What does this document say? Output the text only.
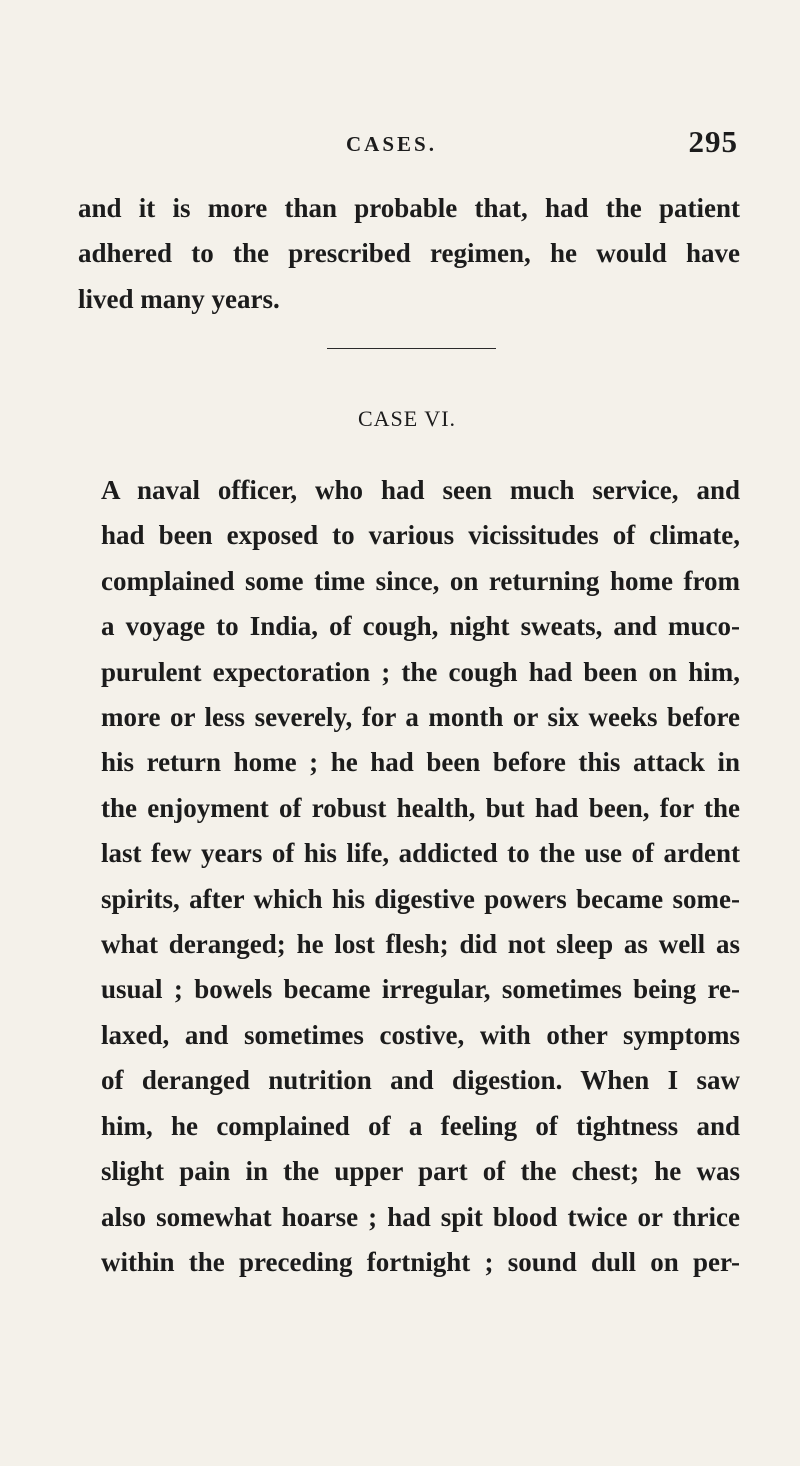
CASES.	295
and it is more than probable that, had the patient
adhered to the prescribed regimen, he would have
lived many years.
CASE VI.
A naval officer, who had seen much service, and
had been exposed to various vicissitudes of climate,
complained some time since, on returning home from
a voyage to India, of cough, night sweats, and muco-
purulent expectoration ; the cough had been on him,
more or less severely, for a month or six weeks before
his return home ; he had been before this attack in
the enjoyment of robust health, but had been, for the
last few years of his life, addicted to the use of ardent
spirits, after which his digestive powers became some-
what deranged; he lost flesh; did not sleep as well as
usual ; bowels became irregular, sometimes being re-
laxed, and sometimes costive, with other symptoms
of deranged nutrition and digestion. When I saw
him, he complained of a feeling of tightness and
slight pain in the upper part of the chest; he was
also somewhat hoarse ; had spit blood twice or thrice
within the preceding fortnight ; sound dull on per-
